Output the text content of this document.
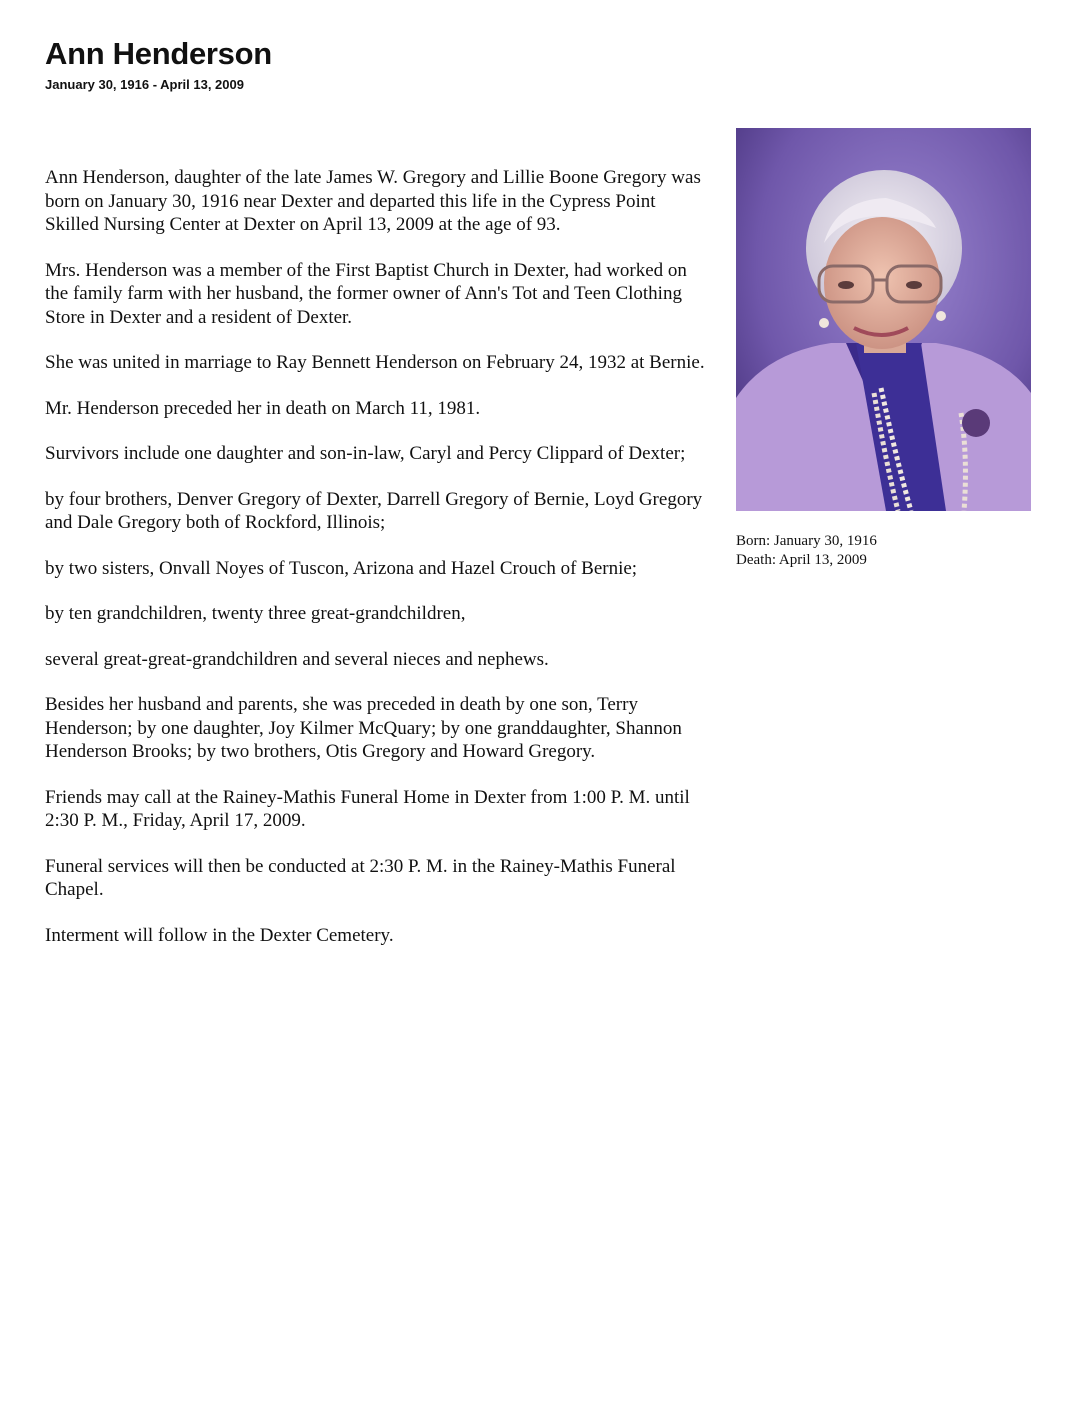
Ann Henderson
January 30, 1916 - April 13, 2009

Ann Henderson, daughter of the late James W. Gregory and Lillie Boone Gregory was born on January 30, 1916 near Dexter and departed this life in the Cypress Point Skilled Nursing Center at Dexter on April 13, 2009 at the age of 93.

Mrs. Henderson was a member of the First Baptist Church in Dexter, had worked on the family farm with her husband, the former owner of Ann's Tot and Teen Clothing Store in Dexter and a resident of Dexter.

She was united in marriage to Ray Bennett Henderson on February 24, 1932 at Bernie.

Mr. Henderson preceded her in death on March 11, 1981.

Survivors include one daughter and son-in-law, Caryl and Percy Clippard of Dexter;

by four brothers, Denver Gregory of Dexter, Darrell Gregory of Bernie, Loyd Gregory and Dale Gregory both of Rockford, Illinois;

by two sisters, Onvall Noyes of Tuscon, Arizona and Hazel Crouch of Bernie;

by ten grandchildren, twenty three great-grandchildren,

several great-great-grandchildren and several nieces and nephews.

Besides her husband and parents, she was preceded in death by one son, Terry Henderson; by one daughter, Joy Kilmer McQuary; by one granddaughter, Shannon Henderson Brooks; by two brothers, Otis Gregory and Howard Gregory.

Friends may call at the Rainey-Mathis Funeral Home in Dexter from 1:00 P. M. until 2:30 P. M., Friday, April 17, 2009.

Funeral services will then be conducted at 2:30 P. M. in the Rainey-Mathis Funeral Chapel.

Interment will follow in the Dexter Cemetery.

Born: January 30, 1916
Death: April 13, 2009
